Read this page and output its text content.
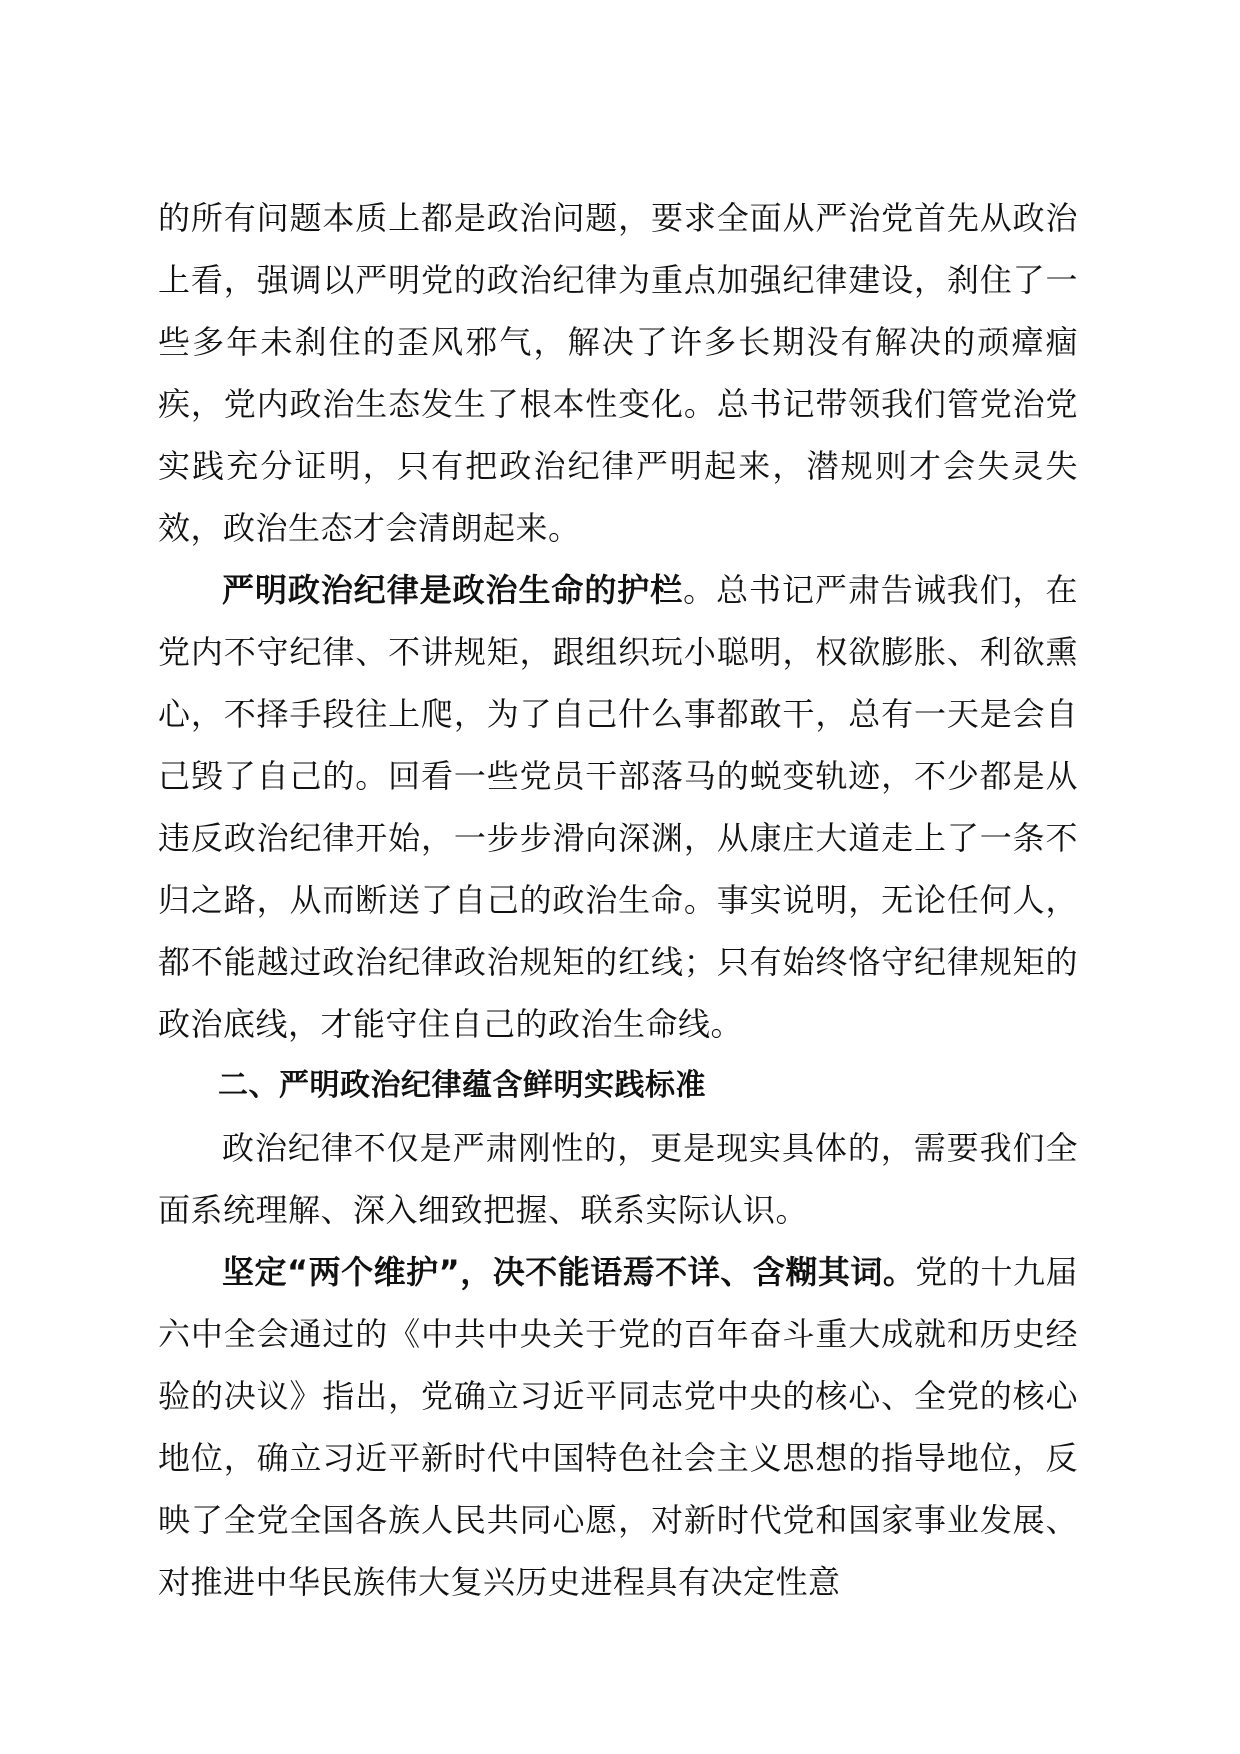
的所有问题本质上都是政治问题，要求全面从严治党首先从政治上看，强调以严明党的政治纪律为重点加强纪律建设，刹住了一些多年未刹住的歪风邪气，解决了许多长期没有解决的顽瘴痼疾，党内政治生态发生了根本性变化。总书记带领我们管党治党实践充分证明，只有把政治纪律严明起来，潜规则才会失灵失效，政治生态才会清朗起来。

严明政治纪律是政治生命的护栏。总书记严肃告诫我们，在党内不守纪律、不讲规矩，跟组织玩小聪明，权欲膨胀、利欲熏心，不择手段往上爬，为了自己什么事都敢干，总有一天是会自己毁了自己的。回看一些党员干部落马的蜕变轨迹，不少都是从违反政治纪律开始，一步步滑向深渊，从康庄大道走上了一条不归之路，从而断送了自己的政治生命。事实说明，无论任何人，都不能越过政治纪律政治规矩的红线；只有始终恪守纪律规矩的政治底线，才能守住自己的政治生命线。

二、严明政治纪律蕴含鲜明实践标准

政治纪律不仅是严肃刚性的，更是现实具体的，需要我们全面系统理解、深入细致把握、联系实际认识。

坚定“两个维护”，决不能语焉不详、含糊其词。党的十九届六中全会通过的《中共中央关于党的百年奋斗重大成就和历史经验的决议》指出，党确立习近平同志党中央的核心、全党的核心地位，确立习近平新时代中国特色社会主义思想的指导地位，反映了全党全国各族人民共同心愿，对新时代党和国家事业发展、对推进中华民族伟大复兴历史进程具有决定性意
